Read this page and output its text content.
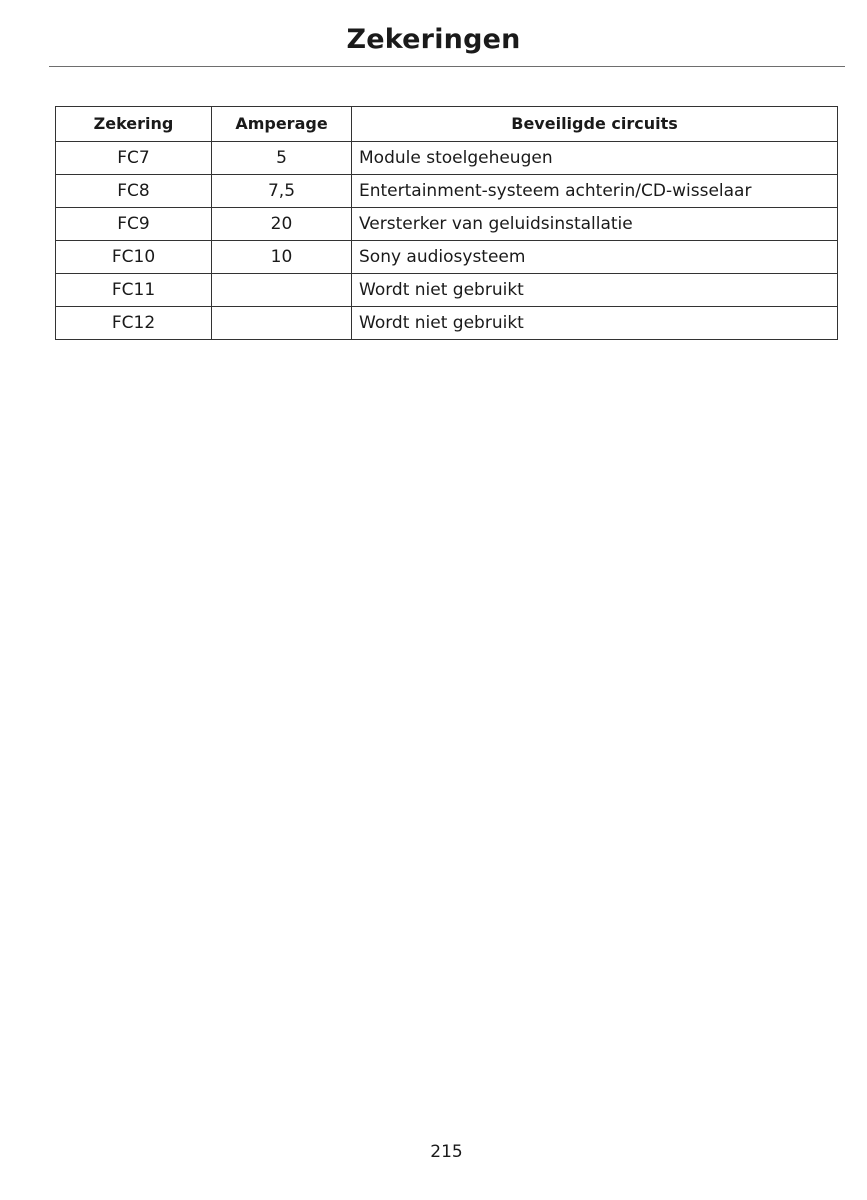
Zekeringen
Zekering	Amperage	Beveiligde circuits
FC7	5	Module stoelgeheugen
FC8	7,5	Entertainment-systeem achterin/CD-wisselaar
FC9	20	Versterker van geluidsinstallatie
FC10	10	Sony audiosysteem
FC11		Wordt niet gebruikt
FC12		Wordt niet gebruikt
215
